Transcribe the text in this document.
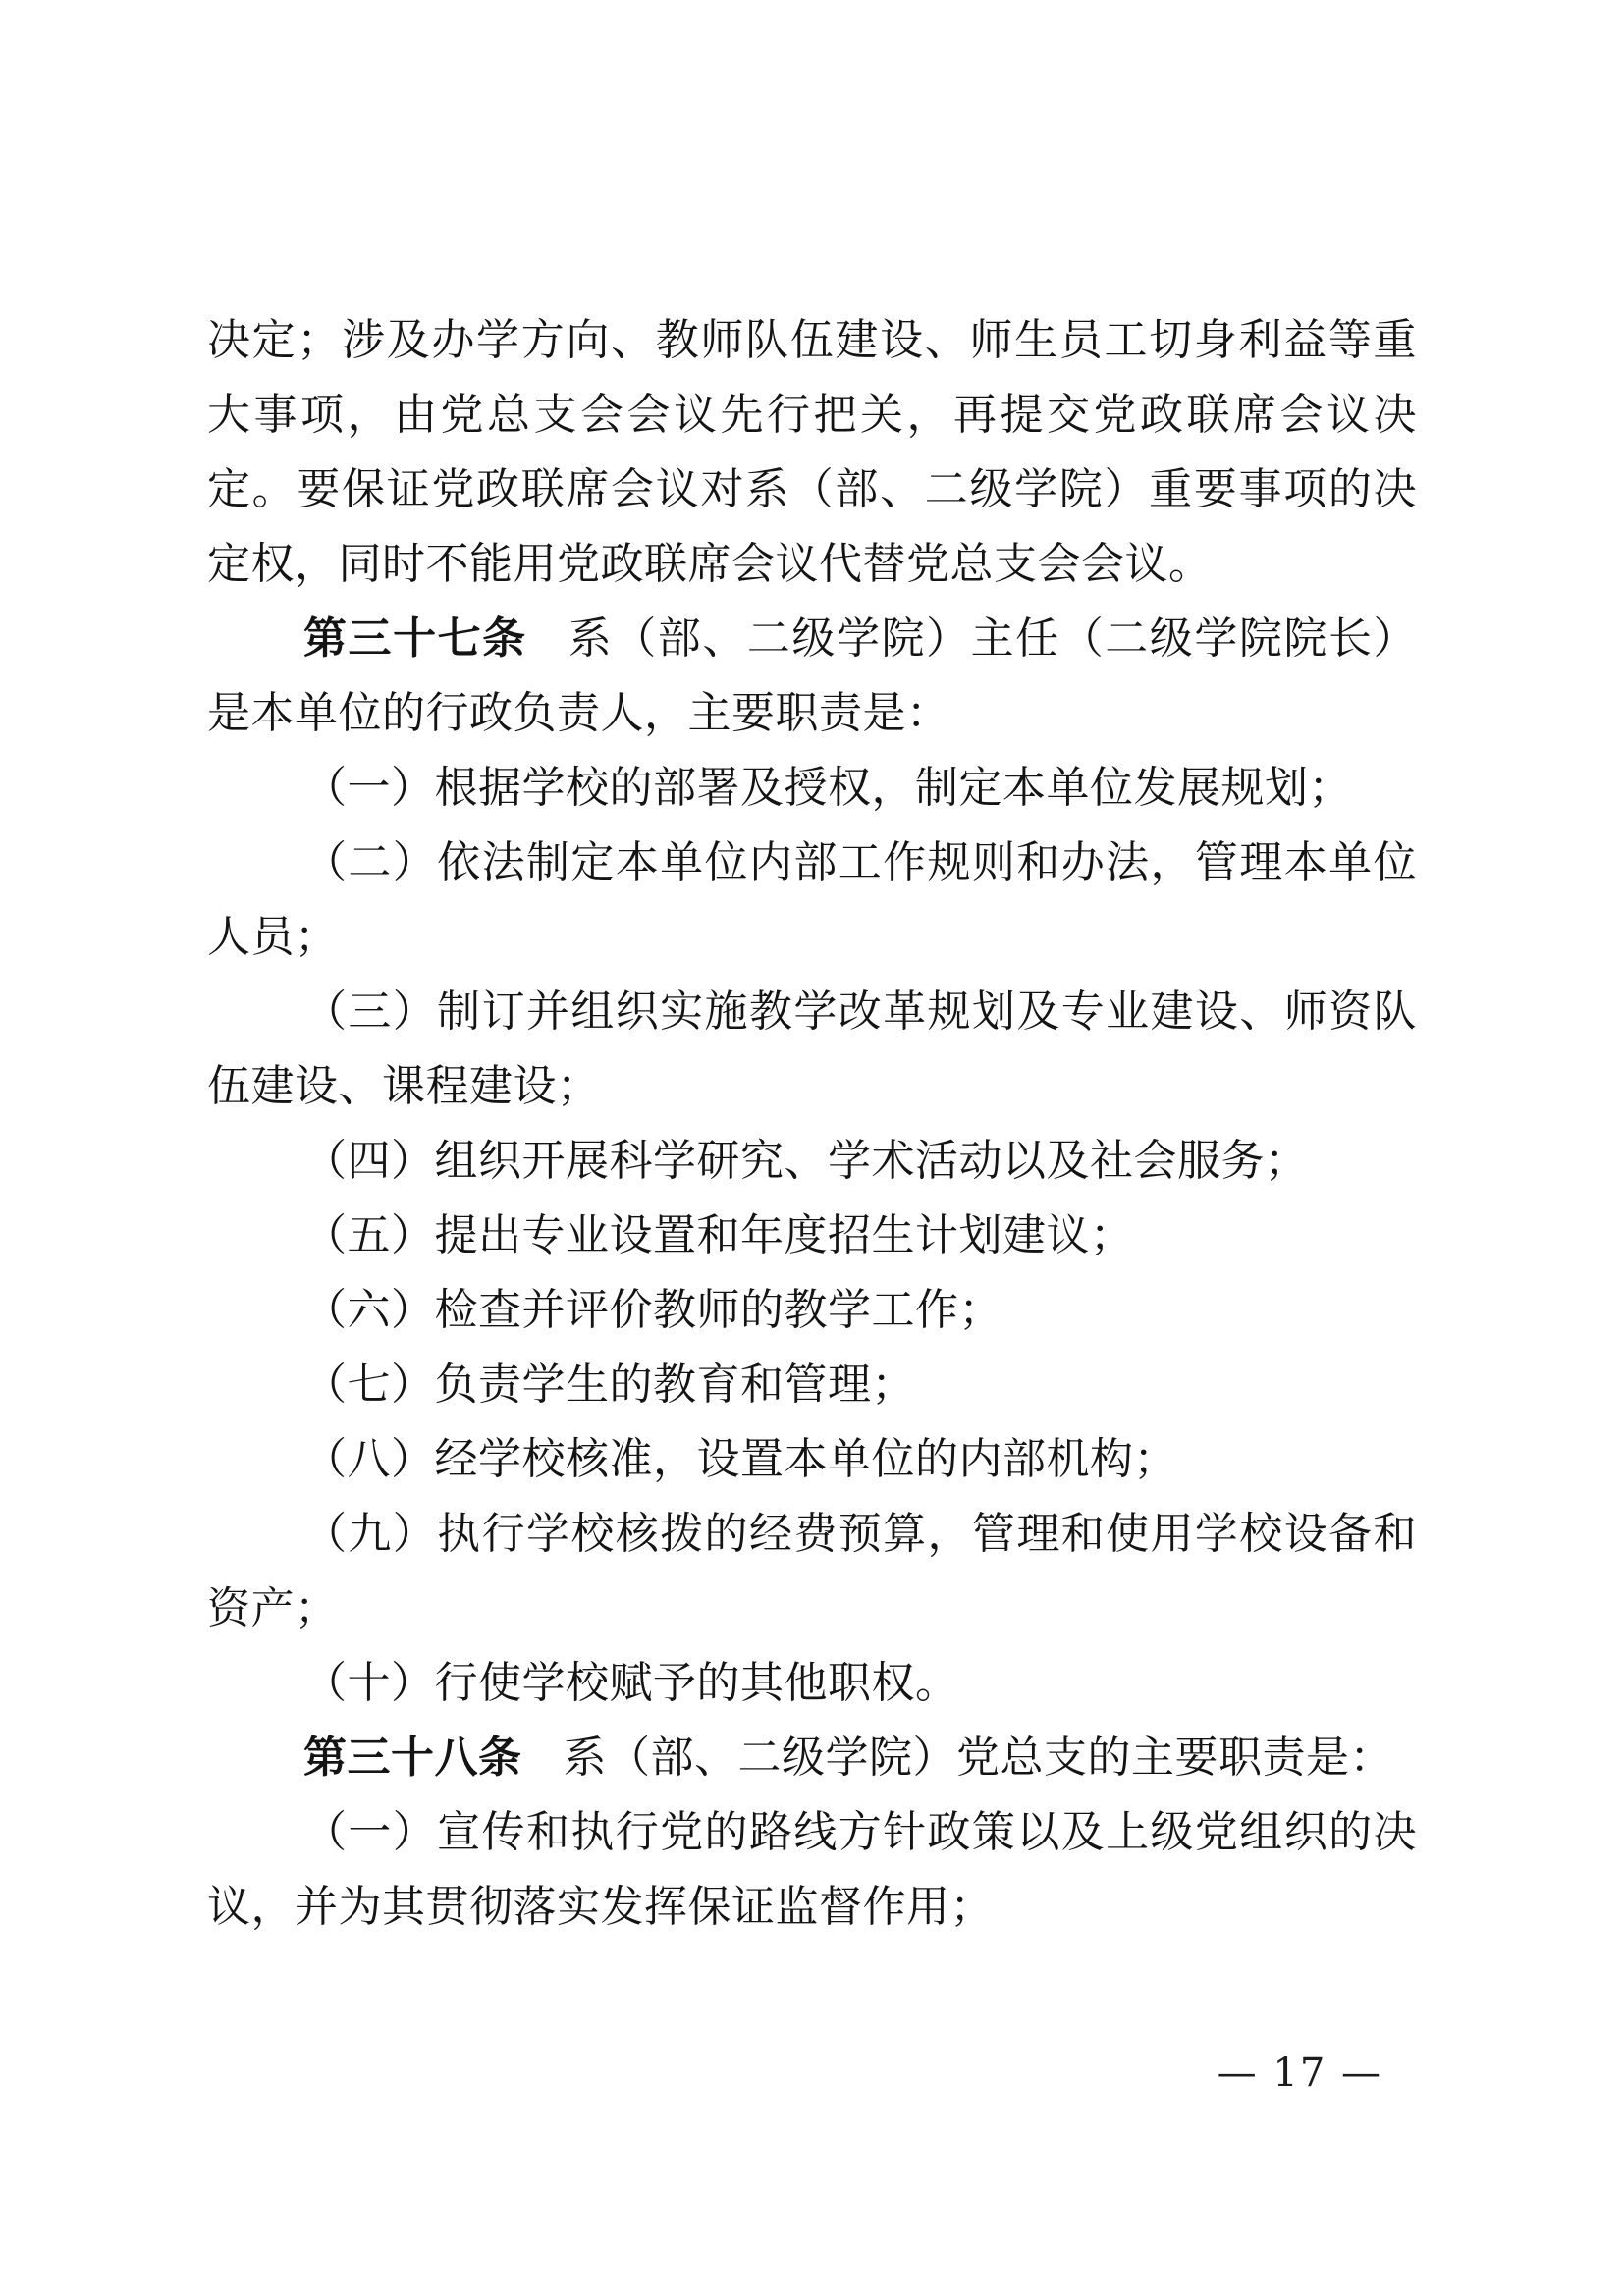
决定；涉及办学方向、教师队伍建设、师生员工切身利益等重大事项，由党总支会会议先行把关，再提交党政联席会议决定。要保证党政联席会议对系（部、二级学院）重要事项的决定权，同时不能用党政联席会议代替党总支会会议。

第三十七条 系（部、二级学院）主任（二级学院院长）是本单位的行政负责人，主要职责是：

（一）根据学校的部署及授权，制定本单位发展规划；

（二）依法制定本单位内部工作规则和办法，管理本单位人员；

（三）制订并组织实施教学改革规划及专业建设、师资队伍建设、课程建设；

（四）组织开展科学研究、学术活动以及社会服务；

（五）提出专业设置和年度招生计划建议；

（六）检查并评价教师的教学工作；

（七）负责学生的教育和管理；

（八）经学校核准，设置本单位的内部机构；

（九）执行学校核拨的经费预算，管理和使用学校设备和资产；

（十）行使学校赋予的其他职权。

第三十八条 系（部、二级学院）党总支的主要职责是：

（一）宣传和执行党的路线方针政策以及上级党组织的决议，并为其贯彻落实发挥保证监督作用；

— 17 —
